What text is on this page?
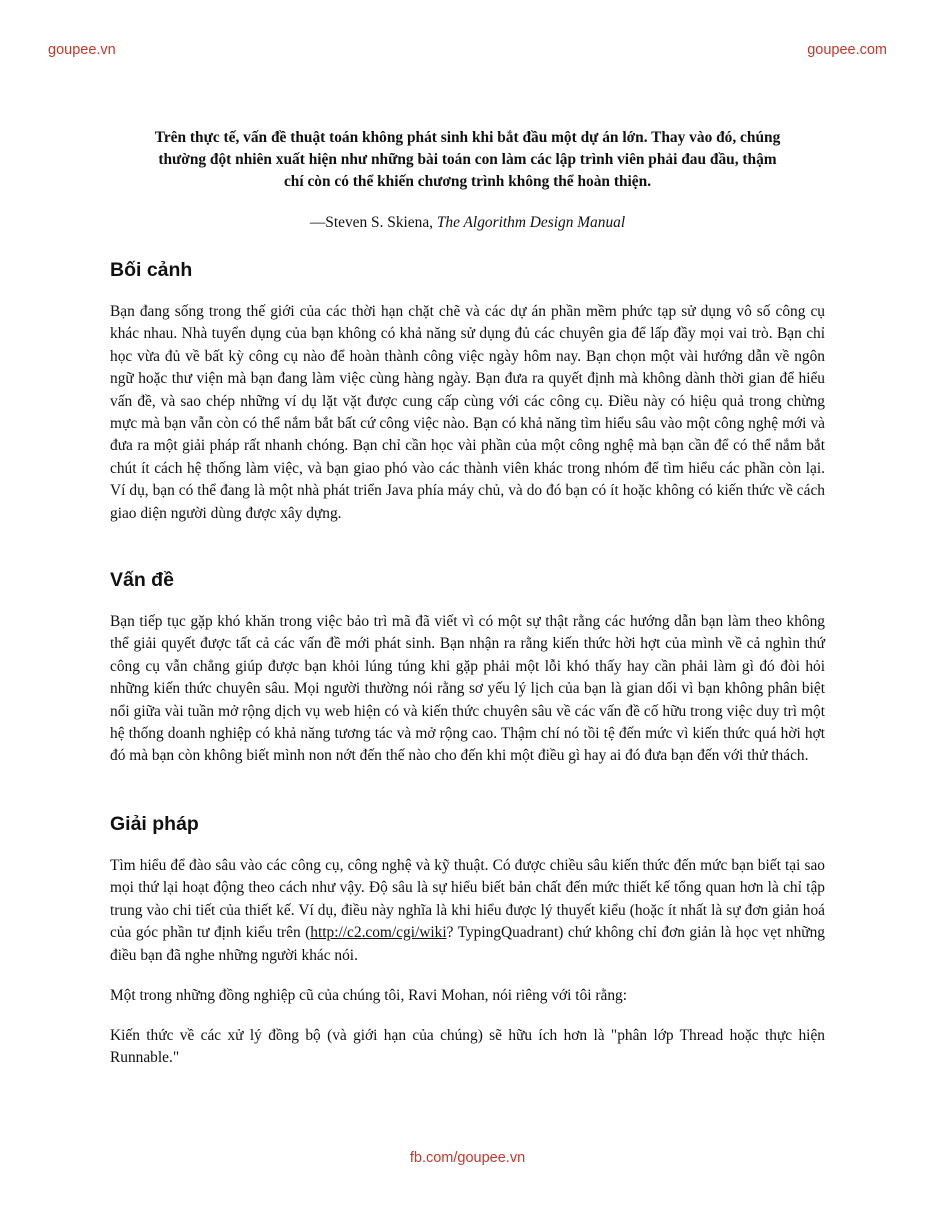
goupee.vn	goupee.com

Trên thực tế, vấn đề thuật toán không phát sinh khi bắt đầu một dự án lớn. Thay vào đó, chúng thường đột nhiên xuất hiện như những bài toán con làm các lập trình viên phải đau đầu, thậm chí còn có thể khiến chương trình không thể hoàn thiện.

—Steven S. Skiena, The Algorithm Design Manual

Bối cảnh

Bạn đang sống trong thế giới của các thời hạn chặt chẽ và các dự án phần mềm phức tạp sử dụng vô số công cụ khác nhau. Nhà tuyển dụng của bạn không có khả năng sử dụng đủ các chuyên gia để lấp đầy mọi vai trò. Bạn chỉ học vừa đủ về bất kỳ công cụ nào để hoàn thành công việc ngày hôm nay. Bạn chọn một vài hướng dẫn về ngôn ngữ hoặc thư viện mà bạn đang làm việc cùng hàng ngày. Bạn đưa ra quyết định mà không dành thời gian để hiểu vấn đề, và sao chép những ví dụ lặt vặt được cung cấp cùng với các công cụ. Điều này có hiệu quả trong chừng mực mà bạn vẫn còn có thể nắm bắt bất cứ công việc nào. Bạn có khả năng tìm hiểu sâu vào một công nghệ mới và đưa ra một giải pháp rất nhanh chóng. Bạn chỉ cần học vài phần của một công nghệ mà bạn cần để có thể nắm bắt chút ít cách hệ thống làm việc, và bạn giao phó vào các thành viên khác trong nhóm để tìm hiểu các phần còn lại. Ví dụ, bạn có thể đang là một nhà phát triển Java phía máy chủ, và do đó bạn có ít hoặc không có kiến thức về cách giao diện người dùng được xây dựng.

Vấn đề

Bạn tiếp tục gặp khó khăn trong việc bảo trì mã đã viết vì có một sự thật rằng các hướng dẫn bạn làm theo không thể giải quyết được tất cả các vấn đề mới phát sinh. Bạn nhận ra rằng kiến thức hời hợt của mình về cả nghìn thứ công cụ vẫn chẳng giúp được bạn khỏi lúng túng khi gặp phải một lỗi khó thấy hay cần phải làm gì đó đòi hỏi những kiến thức chuyên sâu. Mọi người thường nói rằng sơ yếu lý lịch của bạn là gian dối vì bạn không phân biệt nổi giữa vài tuần mở rộng dịch vụ web hiện có và kiến thức chuyên sâu về các vấn đề cố hữu trong việc duy trì một hệ thống doanh nghiệp có khả năng tương tác và mở rộng cao. Thậm chí nó tồi tệ đến mức vì kiến thức quá hời hợt đó mà bạn còn không biết mình non nớt đến thế nào cho đến khi một điều gì hay ai đó đưa bạn đến với thử thách.

Giải pháp

Tìm hiểu để đào sâu vào các công cụ, công nghệ và kỹ thuật. Có được chiều sâu kiến thức đến mức bạn biết tại sao mọi thứ lại hoạt động theo cách như vậy. Độ sâu là sự hiểu biết bản chất đến mức thiết kế tổng quan hơn là chỉ tập trung vào chi tiết của thiết kế. Ví dụ, điều này nghĩa là khi hiểu được lý thuyết kiểu (hoặc ít nhất là sự đơn giản hoá của góc phần tư định kiểu trên (http://c2.com/cgi/wiki? TypingQuadrant) chứ không chỉ đơn giản là học vẹt những điều bạn đã nghe những người khác nói.

Một trong những đồng nghiệp cũ của chúng tôi, Ravi Mohan, nói riêng với tôi rằng:

Kiến thức về các xử lý đồng bộ (và giới hạn của chúng) sẽ hữu ích hơn là "phân lớp Thread hoặc thực hiện Runnable."

fb.com/goupee.vn
